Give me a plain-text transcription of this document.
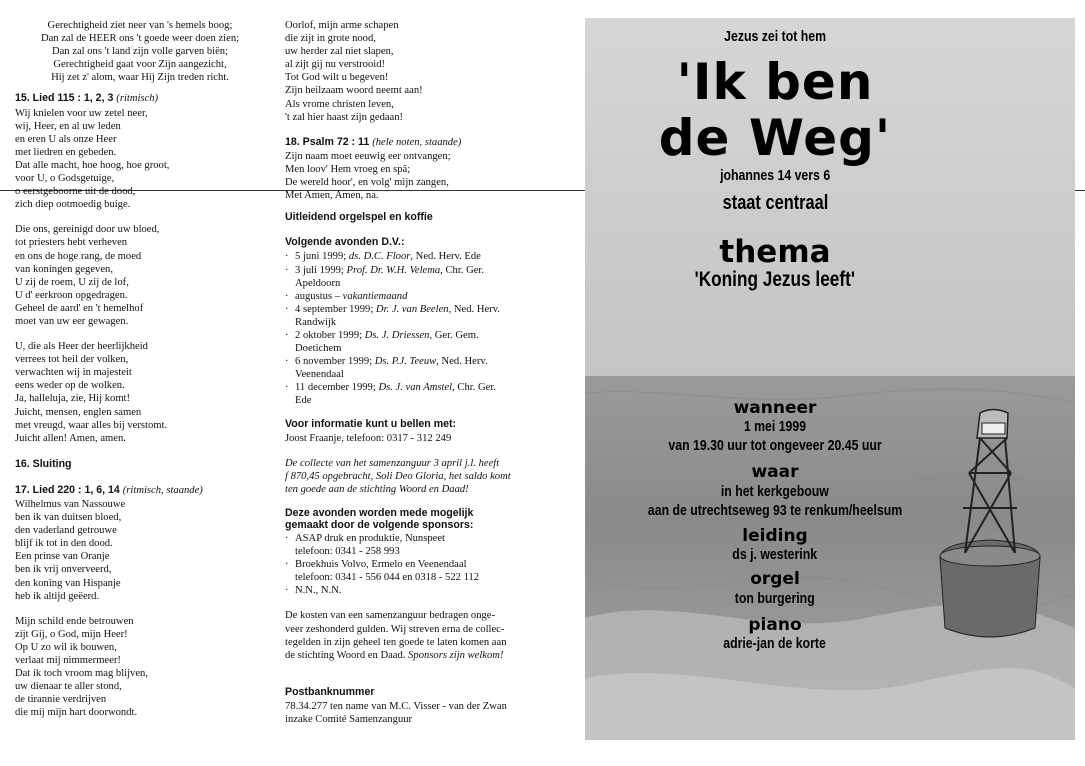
Gerechtigheid ziet neer van 's hemels boog;
Dan zal de HEER ons 't goede weer doen zien;
Dan zal ons 't land zijn volle garven biën;
Gerechtigheid gaat voor Zijn aangezicht,
Hij zet z' alom, waar Hij Zijn treden richt.
15. Lied 115 : 1, 2, 3 (ritmisch)
Wij knielen voor uw zetel neer,
wij, Heer, en al uw leden
en eren U als onze Heer
met liedren en gebeden.
Dat alle macht, hoe hoog, hoe groot,
voor U, o Godsgetuige,
o eerstgeboorne uit de dood,
zich diep ootmoedig buige.
Die ons, gereinigd door uw bloed,
tot priesters hebt verheven
en ons de hoge rang, de moed
van koningen gegeven,
U zij de roem, U zij de lof,
U d' eerkroon opgedragen.
Geheel de aard' en 't hemelhof
moet van uw eer gewagen.
U, die als Heer der heerlijkheid
verrees tot heil der volken,
verwachten wij in majesteit
eens weder op de wolken.
Ja, halleluja, zie, Hij komt!
Juicht, mensen, englen samen
met vreugd, waar alles bij verstomt.
Juicht allen! Amen, amen.
16. Sluiting
17. Lied 220 : 1, 6, 14 (ritmisch, staande)
Wilhelmus van Nassouwe
ben ik van duitsen bloed,
den vaderland getrouwe
blijf ik tot in den dood.
Een prinse van Oranje
ben ik vrij onverveerd,
den koning van Hispanje
heb ik altijd geëerd.
Mijn schild ende betrouwen
zijt Gij, o God, mijn Heer!
Op U zo wil ik bouwen,
verlaat mij nimmermeer!
Dat ik toch vroom mag blijven,
uw dienaar te aller stond,
de tirannie verdrijven
die mij mijn hart doorwondt.
Oorlof, mijn arme schapen
die zijt in grote nood,
uw herder zal niet slapen,
al zijt gij nu verstrooid!
Tot God wilt u begeven!
Zijn heilzaam woord neemt aan!
Als vrome christen leven,
't zal hier haast zijn gedaan!
18. Psalm 72 : 11 (hele noten, staande)
Zijn naam moet eeuwig eer ontvangen;
Men loov' Hem vroeg en spâ;
De wereld hoor', en volg' mijn zangen,
Met Amen, Amen, na.
Uitleidend orgelspel en koffie
Volgende avonden D.V.:
· 5 juni 1999; ds. D.C. Floor, Ned. Herv. Ede
· 3 juli 1999; Prof. Dr. W.H. Velema, Chr. Ger.
Apeldoorn
· augustus – vakantiemaand
· 4 september 1999; Dr. J. van Beelen, Ned. Herv.
Randwijk
· 2 oktober 1999; Ds. J. Driessen, Ger. Gem.
Doetichem
· 6 november 1999; Ds. P.J. Teeuw, Ned. Herv.
Veenendaal
· 11 december 1999; Ds. J. van Amstel, Chr. Ger.
Ede
Voor informatie kunt u bellen met:
Joost Fraanje, telefoon: 0317 - 312 249
De collecte van het samenzanguur 3 april j.l. heeft
f 870,45 opgebracht, Soli Deo Gloria, het saldo komt
ten goede aan de stichting Woord en Daad!
Deze avonden worden mede mogelijk
gemaakt door de volgende sponsors:
· ASAP druk en produktie, Nunspeet
telefoon: 0341 - 258 993
· Broekhuis Volvo, Ermelo en Veenendaal
telefoon: 0341 - 556 044 en 0318 - 522 112
· N.N., N.N.
De kosten van een samenzanguur bedragen onge-
veer zeshonderd gulden. Wij streven erna de collec-
tegelden in zijn geheel ten goede te laten komen aan
de stichting Woord en Daad. Sponsors zijn welkom!
Postbanknummer
78.34.277 ten name van M.C. Visser - van der Zwan
inzake Comité Samenzanguur
Jezus zei tot hem
'Ik ben
de Weg'
johannes 14 vers 6
staat centraal
thema
'Koning Jezus leeft'
wanneer
1 mei 1999
van 19.30 uur tot ongeveer 20.45 uur
waar
in het kerkgebouw
aan de utrechtseweg 93 te renkum/heelsum
leiding
ds j. westerink
orgel
ton burgering
piano
adrie-jan de korte
